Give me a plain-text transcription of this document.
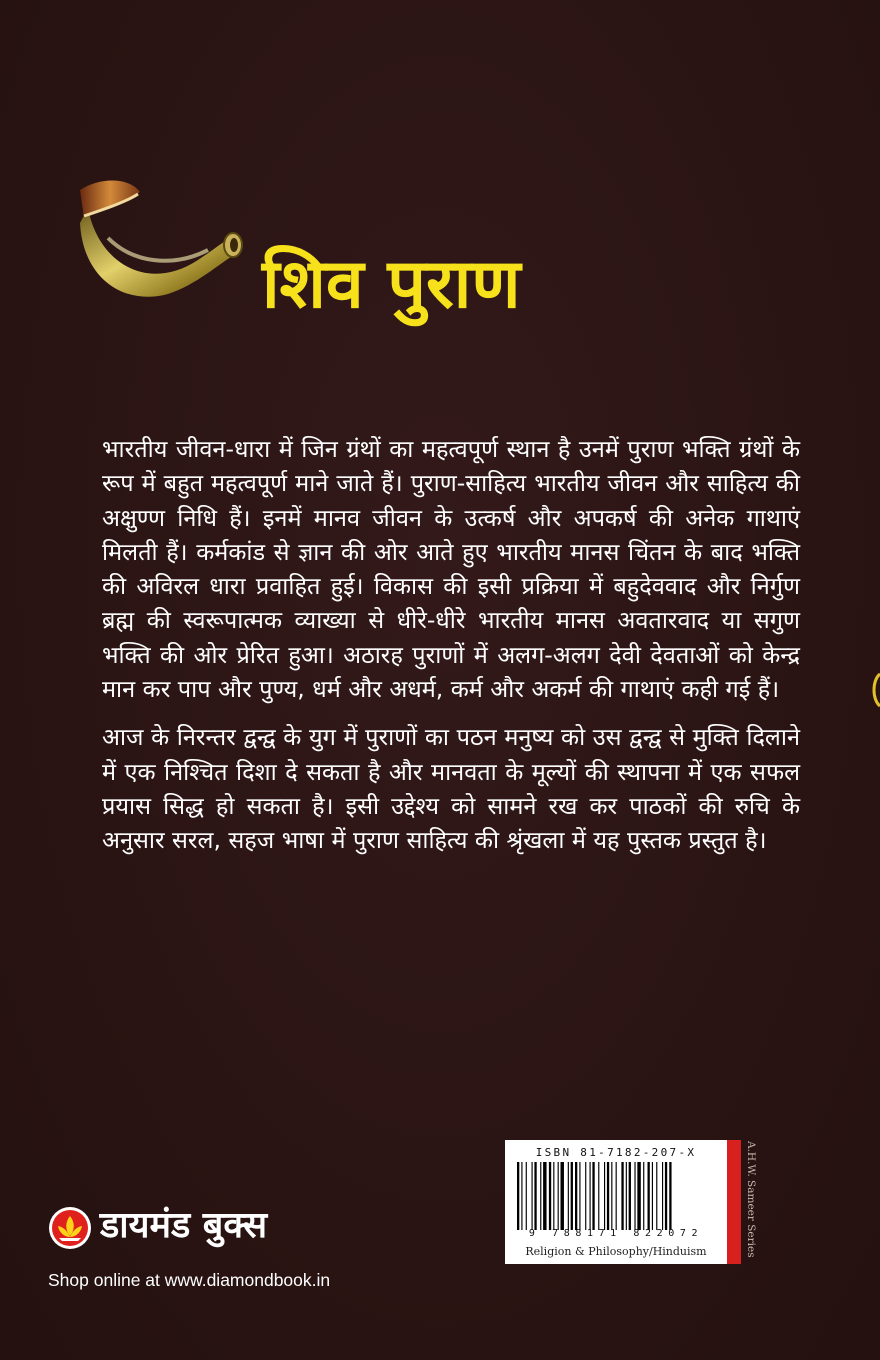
शिव पुराण

भारतीय जीवन-धारा में जिन ग्रंथों का महत्वपूर्ण स्थान है उनमें पुराण भक्ति ग्रंथों के रूप में बहुत महत्वपूर्ण माने जाते हैं। पुराण-साहित्य भारतीय जीवन और साहित्य की अक्षुण्ण निधि हैं। इनमें मानव जीवन के उत्कर्ष और अपकर्ष की अनेक गाथाएं मिलती हैं। कर्मकांड से ज्ञान की ओर आते हुए भारतीय मानस चिंतन के बाद भक्ति की अविरल धारा प्रवाहित हुई। विकास की इसी प्रक्रिया में बहुदेववाद और निर्गुण ब्रह्म की स्वरूपात्मक व्याख्या से धीरे-धीरे भारतीय मानस अवतारवाद या सगुण भक्ति की ओर प्रेरित हुआ। अठारह पुराणों में अलग-अलग देवी देवताओं को केन्द्र मान कर पाप और पुण्य, धर्म और अधर्म, कर्म और अकर्म की गाथाएं कही गई हैं।

आज के निरन्तर द्वन्द्व के युग में पुराणों का पठन मनुष्य को उस द्वन्द्व से मुक्ति दिलाने में एक निश्चित दिशा दे सकता है और मानवता के मूल्यों की स्थापना में एक सफल प्रयास सिद्ध हो सकता है। इसी उद्देश्य को सामने रख कर पाठकों की रुचि के अनुसार सरल, सहज भाषा में पुराण साहित्य की श्रृंखला में यह पुस्तक प्रस्तुत है।

ISBN 81-7182-207-X
9 788171 822072
Religion & Philosophy/Hinduism	A.H.W. Sameer Series
डायमंड बुक्स
Shop online at www.diamondbook.in
